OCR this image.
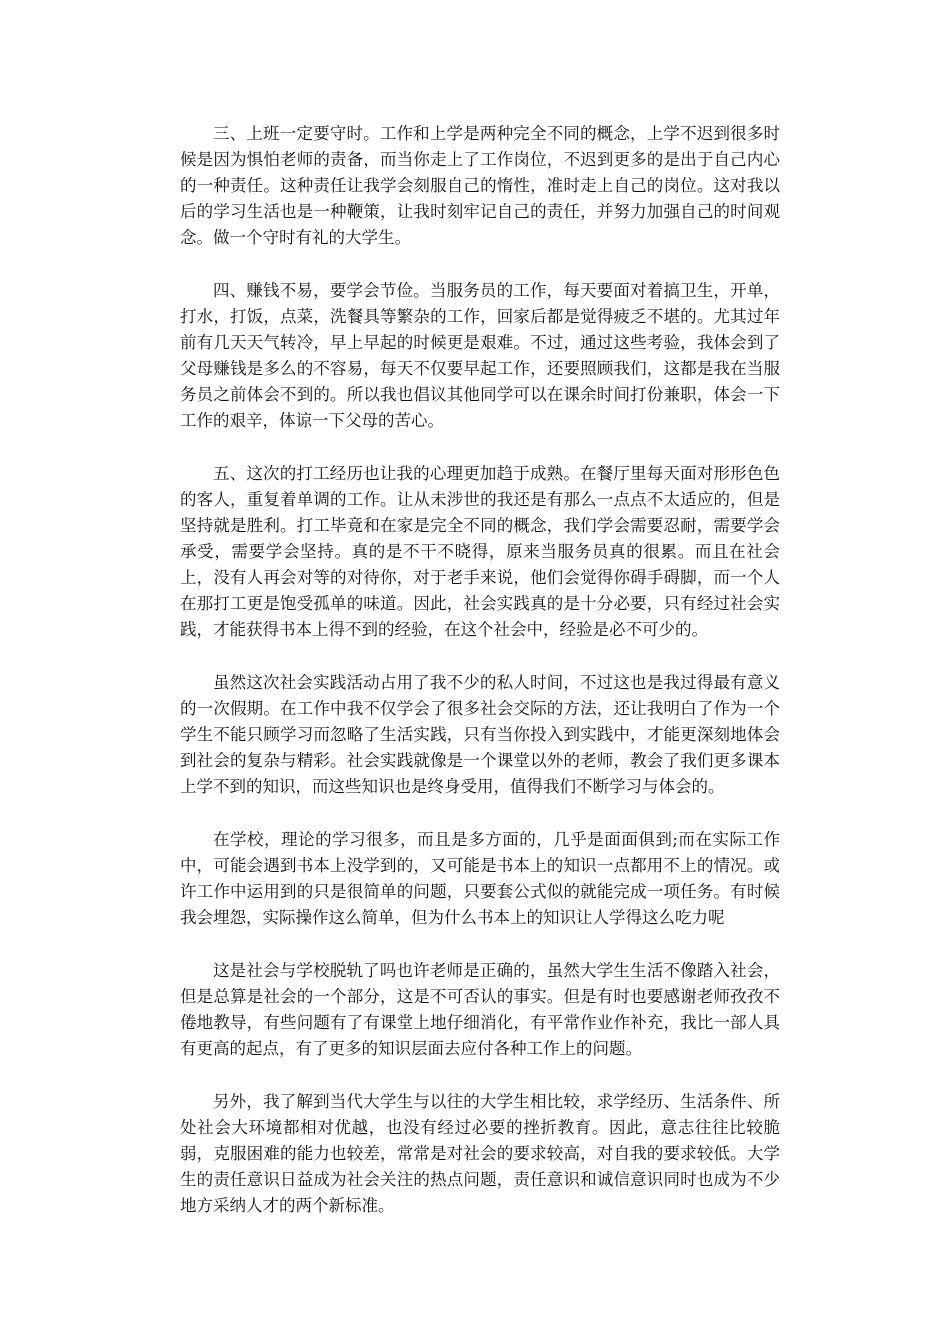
三、上班一定要守时。工作和上学是两种完全不同的概念，上学不迟到很多时候是因为惧怕老师的责备，而当你走上了工作岗位，不迟到更多的是出于自己内心的一种责任。这种责任让我学会刻服自己的惰性，准时走上自己的岗位。这对我以后的学习生活也是一种鞭策，让我时刻牢记自己的责任，并努力加强自己的时间观念。做一个守时有礼的大学生。

四、赚钱不易，要学会节俭。当服务员的工作，每天要面对着搞卫生，开单，打水，打饭，点菜，洗餐具等繁杂的工作，回家后都是觉得疲乏不堪的。尤其过年前有几天天气转冷，早上早起的时候更是艰难。不过，通过这些考验，我体会到了父母赚钱是多么的不容易，每天不仅要早起工作，还要照顾我们，这都是我在当服务员之前体会不到的。所以我也倡议其他同学可以在课余时间打份兼职，体会一下工作的艰辛，体谅一下父母的苦心。

五、这次的打工经历也让我的心理更加趋于成熟。在餐厅里每天面对形形色色的客人，重复着单调的工作。让从未涉世的我还是有那么一点点不太适应的，但是坚持就是胜利。打工毕竟和在家是完全不同的概念，我们学会需要忍耐，需要学会承受，需要学会坚持。真的是不干不晓得，原来当服务员真的很累。而且在社会上，没有人再会对等的对待你，对于老手来说，他们会觉得你碍手碍脚，而一个人在那打工更是饱受孤单的味道。因此，社会实践真的是十分必要，只有经过社会实践，才能获得书本上得不到的经验，在这个社会中，经验是必不可少的。

虽然这次社会实践活动占用了我不少的私人时间，不过这也是我过得最有意义的一次假期。在工作中我不仅学会了很多社会交际的方法，还让我明白了作为一个学生不能只顾学习而忽略了生活实践，只有当你投入到实践中，才能更深刻地体会到社会的复杂与精彩。社会实践就像是一个课堂以外的老师，教会了我们更多课本上学不到的知识，而这些知识也是终身受用，值得我们不断学习与体会的。

在学校，理论的学习很多，而且是多方面的，几乎是面面俱到;而在实际工作中，可能会遇到书本上没学到的，又可能是书本上的知识一点都用不上的情况。或许工作中运用到的只是很简单的问题，只要套公式似的就能完成一项任务。有时候我会埋怨，实际操作这么简单，但为什么书本上的知识让人学得这么吃力呢

这是社会与学校脱轨了吗也许老师是正确的，虽然大学生生活不像踏入社会，但是总算是社会的一个部分，这是不可否认的事实。但是有时也要感谢老师孜孜不倦地教导，有些问题有了有课堂上地仔细消化，有平常作业作补充，我比一部人具有更高的起点，有了更多的知识层面去应付各种工作上的问题。

另外，我了解到当代大学生与以往的大学生相比较，求学经历、生活条件、所处社会大环境都相对优越，也没有经过必要的挫折教育。因此，意志往往比较脆弱，克服困难的能力也较差，常常是对社会的要求较高，对自我的要求较低。大学生的责任意识日益成为社会关注的热点问题，责任意识和诚信意识同时也成为不少地方采纳人才的两个新标准。
